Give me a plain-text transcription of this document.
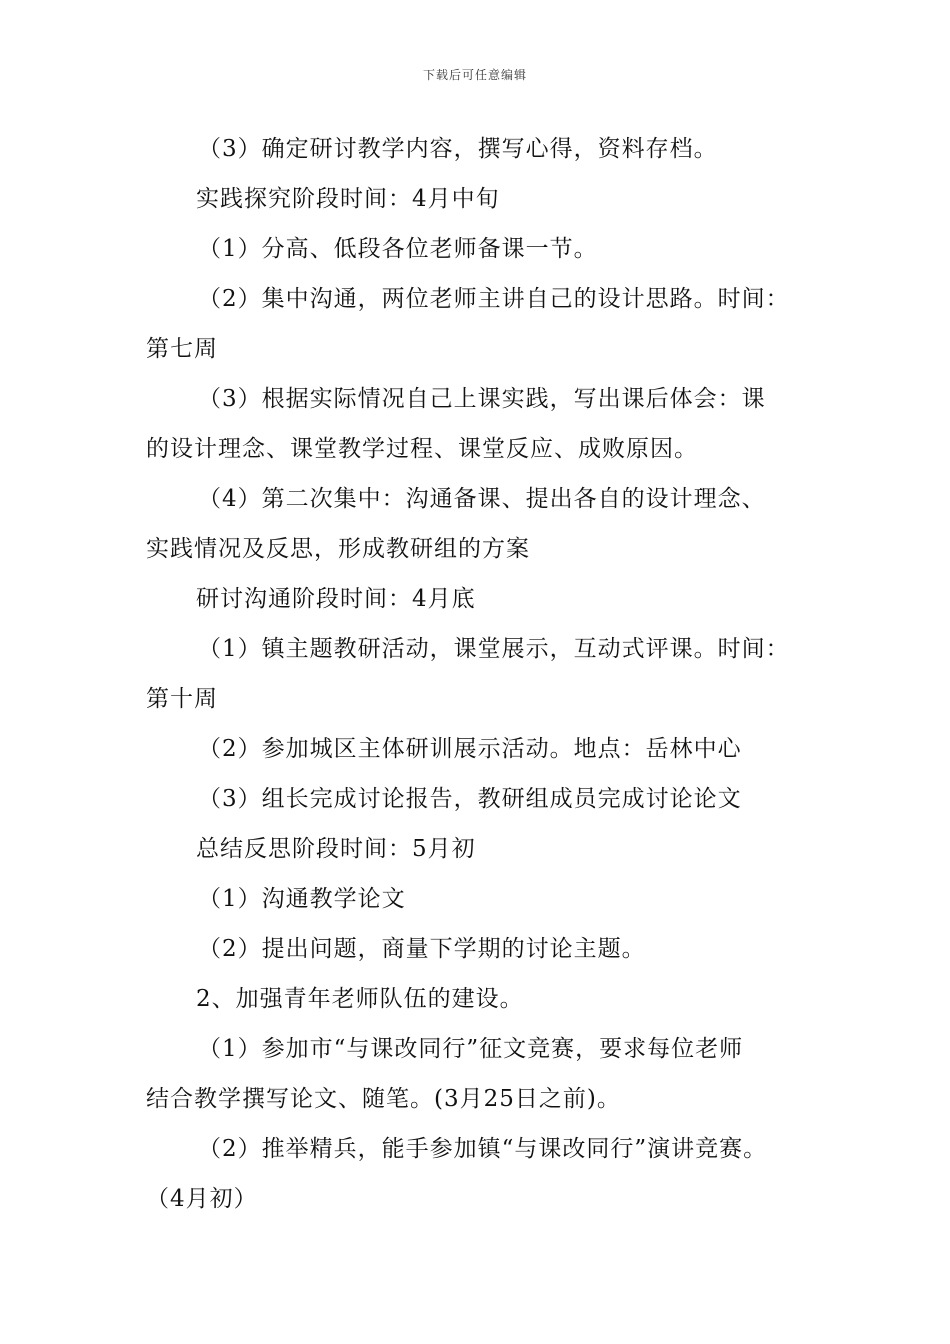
下载后可任意编辑
（3）确定研讨教学内容，撰写心得，资料存档。
实践探究阶段时间：4月中旬
（1）分高、低段各位老师备课一节。
（2）集中沟通，两位老师主讲自己的设计思路。时间：
第七周
（3）根据实际情况自己上课实践，写出课后体会：课
的设计理念、课堂教学过程、课堂反应、成败原因。
（4）第二次集中：沟通备课、提出各自的设计理念、
实践情况及反思，形成教研组的方案
研讨沟通阶段时间：4月底
（1）镇主题教研活动，课堂展示，互动式评课。时间：
第十周
（2）参加城区主体研训展示活动。地点：岳林中心
（3）组长完成讨论报告，教研组成员完成讨论论文
总结反思阶段时间：5月初
（1）沟通教学论文
（2）提出问题，商量下学期的讨论主题。
2、加强青年老师队伍的建设。
（1）参加市“与课改同行”征文竞赛，要求每位老师
结合教学撰写论文、随笔。(3月25日之前)。
（2）推举精兵，能手参加镇“与课改同行”演讲竞赛。
（4月初）
